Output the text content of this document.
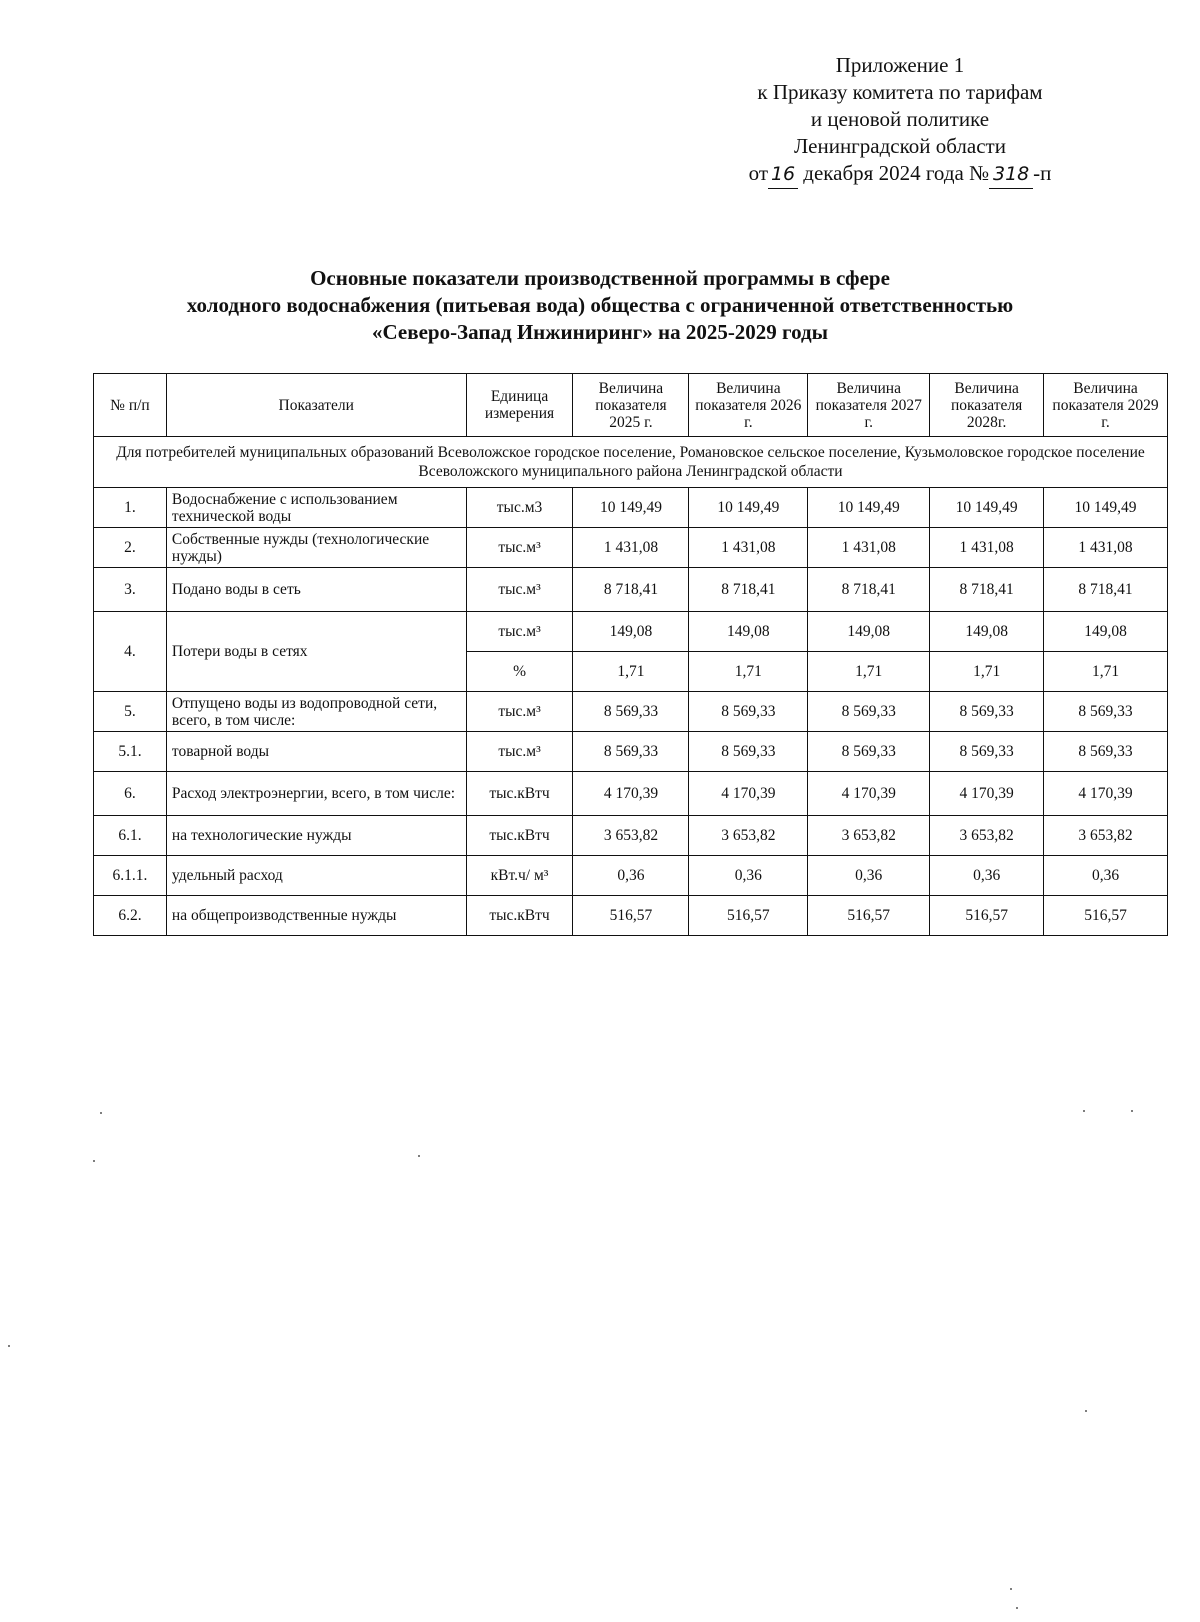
Приложение 1
к Приказу комитета по тарифам
и ценовой политике
Ленинградской области
от 16 декабря 2024 года № 318 -п
Основные показатели производственной программы в сфере
холодного водоснабжения (питьевая вода) общества с ограниченной ответственностью
«Северо-Запад Инжиниринг» на 2025-2029 годы
№ п/п	Показатели	Единица измерения	Величина показателя 2025 г.	Величина показателя 2026 г.	Величина показателя 2027 г.	Величина показателя 2028г.	Величина показателя 2029 г.
Для потребителей муниципальных образований Всеволожское городское поселение, Романовское сельское поселение, Кузьмоловское городское поселение Всеволожского муниципального района Ленинградской области							
1.	Водоснабжение с использованием технической воды	тыс.м3	10 149,49	10 149,49	10 149,49	10 149,49	10 149,49
2.	Собственные нужды (технологические нужды)	тыс.м³	1 431,08	1 431,08	1 431,08	1 431,08	1 431,08
3.	Подано воды в сеть	тыс.м³	8 718,41	8 718,41	8 718,41	8 718,41	8 718,41
4.	Потери воды в сетях	тыс.м³	149,08	149,08	149,08	149,08	149,08
		%	1,71	1,71	1,71	1,71	1,71
5.	Отпущено воды из водопроводной сети, всего, в том числе:	тыс.м³	8 569,33	8 569,33	8 569,33	8 569,33	8 569,33
5.1.	товарной воды	тыс.м³	8 569,33	8 569,33	8 569,33	8 569,33	8 569,33
6.	Расход электроэнергии, всего, в том числе:	тыс.кВтч	4 170,39	4 170,39	4 170,39	4 170,39	4 170,39
6.1.	на технологические нужды	тыс.кВтч	3 653,82	3 653,82	3 653,82	3 653,82	3 653,82
6.1.1.	удельный расход	кВт.ч/ м³	0,36	0,36	0,36	0,36	0,36
6.2.	на общепроизводственные нужды	тыс.кВтч	516,57	516,57	516,57	516,57	516,57
